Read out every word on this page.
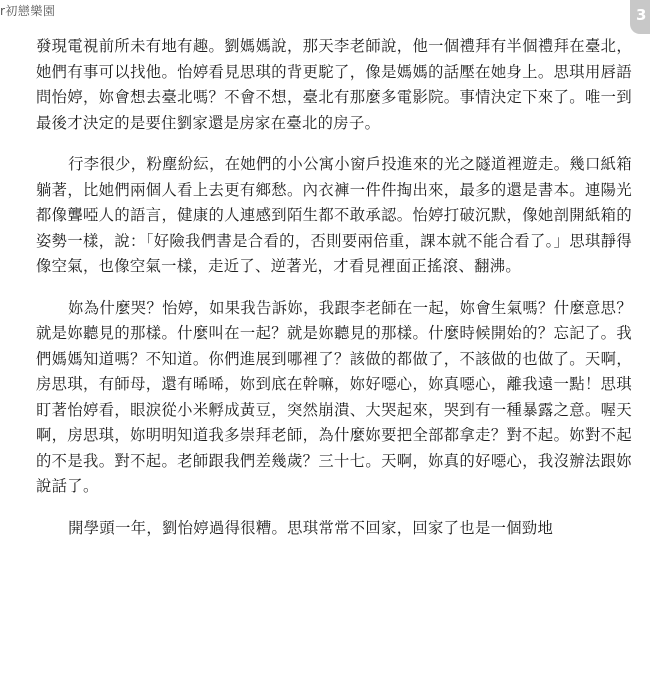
r初戀樂園	3

發現電視前所未有地有趣。劉媽媽說，那天李老師說，他一個禮拜有半個禮拜在臺北，她們有事可以找他。怡婷看見思琪的背更駝了，像是媽媽的話壓在她身上。思琪用唇語問怡婷，妳會想去臺北嗎？不會不想，臺北有那麼多電影院。事情決定下來了。唯一到最後才決定的是要住劉家還是房家在臺北的房子。

行李很少，粉塵紛紜，在她們的小公寓小窗戶投進來的光之隧道裡遊走。幾口紙箱躺著，比她們兩個人看上去更有鄉愁。內衣褲一件件掏出來，最多的還是書本。連陽光都像聾啞人的語言，健康的人連感到陌生都不敢承認。怡婷打破沉默，像她剖開紙箱的姿勢一樣，說：「好險我們書是合看的，否則要兩倍重，課本就不能合看了。」思琪靜得像空氣，也像空氣一樣，走近了、逆著光，才看見裡面正搖滾、翻沸。

妳為什麼哭？怡婷，如果我告訴妳，我跟李老師在一起，妳會生氣嗎？什麼意思？就是妳聽見的那樣。什麼叫在一起？就是妳聽見的那樣。什麼時候開始的？忘記了。我們媽媽知道嗎？不知道。你們進展到哪裡了？該做的都做了，不該做的也做了。天啊，房思琪，有師母，還有晞晞，妳到底在幹嘛，妳好噁心，妳真噁心，離我遠一點！思琪盯著怡婷看，眼淚從小米孵成黃豆，突然崩潰、大哭起來，哭到有一種暴露之意。喔天啊，房思琪，妳明明知道我多崇拜老師，為什麼妳要把全部都拿走？對不起。妳對不起的不是我。對不起。老師跟我們差幾歲？三十七。天啊，妳真的好噁心，我沒辦法跟妳說話了。

開學頭一年，劉怡婷過得很糟。思琪常常不回家，回家了也是一個勁地
